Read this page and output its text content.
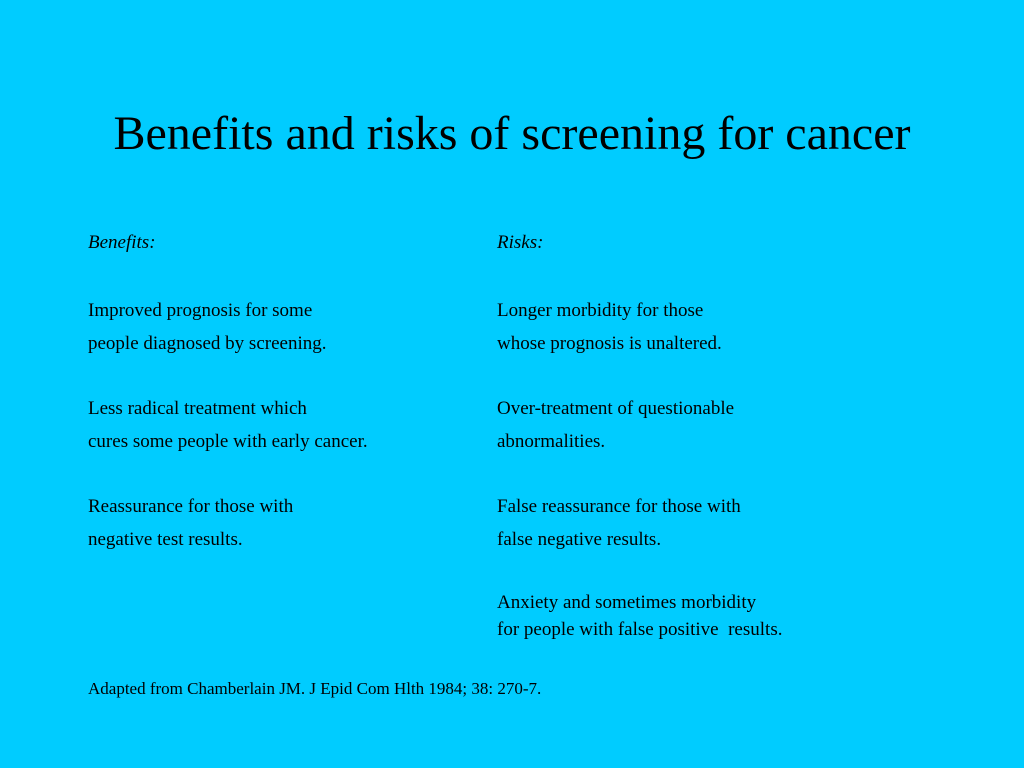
Benefits and risks of screening for cancer
Benefits:	Risks:
Improved prognosis for some
people diagnosed by screening.
Less radical treatment which
cures some people with early cancer.
Reassurance for those with
negative test results.
Longer morbidity for those
whose prognosis is unaltered.
Over-treatment of questionable
abnormalities.
False reassurance for those with
false negative results.
Anxiety and sometimes morbidity
for people with false positive  results.
Adapted from Chamberlain JM. J Epid Com Hlth 1984; 38: 270-7.
